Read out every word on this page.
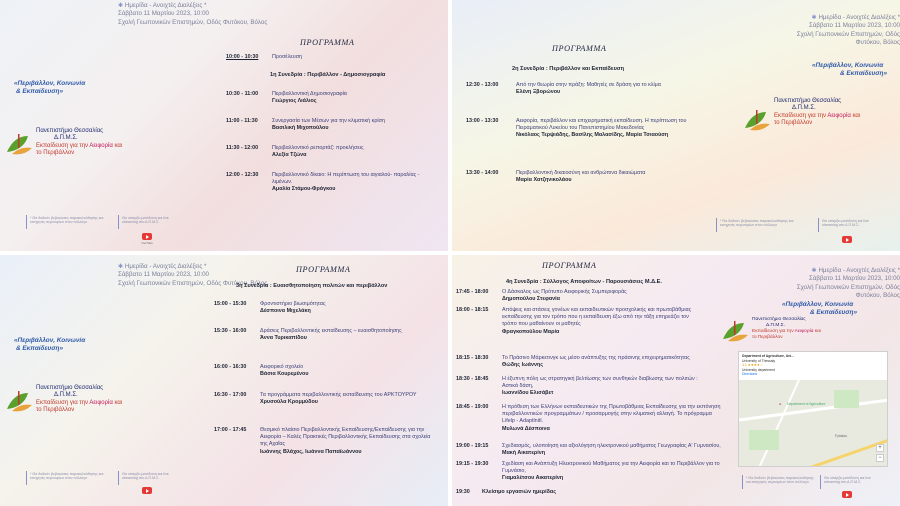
✱ Ημερίδα - Ανοιχτές Διαλέξεις *
Σάββατο 11 Μαρτίου 2023, 10:00
Σχολή Γεωπονικών Επιστημών, Οδός Φυτόκου, Βόλος
ΠΡΟΓΡΑΜΜΑ
«Περιβάλλον, Κοινωνία
& Εκπαίδευση»
Πανεπιστήμιο Θεσσαλίας
Δ.Π.Μ.Σ.
Εκπαίδευση για την Αειφορία και
το Περιβάλλον
* Θα δοθούν βεβαιώσεις παρακολούθησης και εισηγητές σεμιναρίων στον σύλλογο
Θα υπάρξει μετάδοση και live streaming στο Δ.Π.Μ.Σ.
YouTube
10:00 - 10:30	Προσέλευση
1η Συνεδρία : Περιβάλλον - Δημοσιογραφία
10:30 - 11:00	Περιβαλλοντική Δημοσιογραφία
Γεώργιος Λιάλιος
11:00 - 11:30	Συνεργασία των Μέσων για την κλιματική κρίση
Βασιλική Μιχοπούλου
11:30 - 12:00	Περιβαλλοντικό ρεπορτάζ: προκλήσεις
Αλεξία Τζώνα
12:00 - 12:30	Περιβαλλοντικό δίκαιο: Η περίπτωση του αιγιαλού- παραλίας - λιμένων.
Αμαλία Στάμου-Φράγκου
✱ Ημερίδα - Ανοιχτές Διαλέξεις *
Σάββατο 11 Μαρτίου 2023, 10:00
Σχολή Γεωπονικών Επιστημών, Οδός Φυτόκου, Βόλος
ΠΡΟΓΡΑΜΜΑ
2η Συνεδρία : Περιβάλλον και Εκπαίδευση	«Περιβάλλον, Κοινωνία
& Εκπαίδευση»
Πανεπιστήμιο Θεσσαλίας
Δ.Π.Μ.Σ.
Εκπαίδευση για την Αειφορία και
το Περιβάλλον
12:30 - 13:00	Από την θεωρία στην πράξη: Μαθητές σε δράση για το κλίμα
Ελένη Ξβορώνου
13:00 - 13:30	Αειφορία, περιβάλλον και επιχειρηματική εκπαίδευση. Η περίπτωση του Πειραματικού Λυκείου του Πανεπιστημίου Μακεδονίας
Νικόλαος Τερψιάδης, Βασίλης Μαλασίδης, Μαρία Τσιαούση
13:30 - 14:00	Περιβαλλοντική δικαιοσύνη και ανθρώπινα δικαιώματα
Μαρία Χατζηνικολάου
* Θα δοθούν βεβαιώσεις παρακολούθησης και εισηγητές σεμιναρίων στον σύλλογο
Θα υπάρξει μετάδοση και live streaming στο Δ.Π.Μ.Σ.
✱ Ημερίδα - Ανοιχτές Διαλέξεις *
Σάββατο 11 Μαρτίου 2023, 10:00
Σχολή Γεωπονικών Επιστημών, Οδός Φυτόκου, Βόλος
ΠΡΟΓΡΑΜΜΑ
3η Συνεδρία : Ευαισθητοποίηση πολιτών και περιβάλλον
«Περιβάλλον, Κοινωνία
& Εκπαίδευση»
Πανεπιστήμιο Θεσσαλίας
Δ.Π.Μ.Σ.
Εκπαίδευση για την Αειφορία και
το Περιβάλλον
15:00 - 15:30	Φροντιστήριο βιωσιμότητας
Δέσποινα Μιχελάκη
15:30 - 16:00	Δράσεις Περιβαλλοντικής εκπαίδευσης – ευαισθητοποίησης
Άννα Τυρικαπίδου
16:00 - 16:30	Αειφορικό σχολείο
Βάσια Κουρεμένου
16:30 - 17:00	Τα προγράμματα περιβαλλοντικής εκπαίδευσης του ΑΡΚΤΟΥΡΟΥ
Χρυσούλα Κρομμύδου
17:00 - 17:45	Θεσμικό πλαίσιο Περιβαλλοντικής Εκπαίδευσης/Εκπαίδευσης για την Αειφορία – Καλές Πρακτικές Περιβαλλοντικής Εκπαίδευσης στα σχολεία της Αχαΐας
Ιωάννης Βλάχος, Ιωάννα Παπαϊωάννου
* Θα δοθούν βεβαιώσεις παρακολούθησης και εισηγητές σεμιναρίων στον σύλλογο
Θα υπάρξει μετάδοση και live streaming στο Δ.Π.Μ.Σ.
ΠΡΟΓΡΑΜΜΑ
✱ Ημερίδα - Ανοιχτές Διαλέξεις *
Σάββατο 11 Μαρτίου 2023, 10:00
Σχολή Γεωπονικών Επιστημών, Οδός Φυτόκου, Βόλος
4η Συνεδρία : Σύλλογος Αποφοίτων - Παρουσιάσεις Μ.Δ.Ε.
«Περιβάλλον, Κοινωνία
& Εκπαίδευση»
Πανεπιστήμιο Θεσσαλίας
Δ.Π.Μ.Σ.
Εκπαίδευση για την Αειφορία και
το Περιβάλλον
Department of Agriculture, Uni...
University of Thessaly
4.1 ★★★★☆
University department
Directions
● Department of Agriculture
Fytokou
+
−
17:45 - 18:00	Ο Δάσκαλος ως Πρότυπο Αειφορικής Συμπεριφοράς
Δημοπούλου Στεφανία
18:00 - 18:15	Απόψεις και στάσεις γονέων και εκπαιδευτικών προσχολικής και πρωτοβάθμιας εκπαίδευσης για τον τρόπο που η εκπαίδευση έξω από την τάξη επηρεάζει τον τρόπο που μαθαίνουν οι μαθητές
Φραγκοπούλου Μαρία
18:15 - 18:30	Το Πράσινο Μάρκετινγκ ως μέσο ανάπτυξης της πράσινης επιχειρηματικότητας
Θώδης Ιωάννης
18:30 - 18:45	Η έξυπνη πόλη ως στρατηγική βελτίωσης των συνθηκών διαβίωσης των πολιτών : Αστικά δάση,
Ιωαννίδου Ελισάβετ
18:45 - 19:00	Η πρόθεση των Ελλήνων εκπαιδευτικών της Πρωτοβάθμιας Εκπαίδευσης για την εκπόνηση περιβαλλοντικών προγραμμάτων / προσαρμογής στην κλιματική αλλαγή. Το πρόγραμμα Lifelp - Adaptlnitl.
Μυλωνά Δέσποινα
19:00 - 19:15	Σχεδιασμός, υλοποίηση και αξιολόγηση ηλεκτρονικού μαθήματος Γεωγραφίας Α' Γυμνασίου,
Μακή Αικατερίνη
19:15 - 19:30	Σχεδίαση και Ανάπτυξη Ηλεκτρονικού Μαθήματος για την Αειφορία και το Περιβάλλον για το Γυμνάσιο,
Γιαμαλέτσου Αικατερίνη
19:30 Κλείσιμο εργασιών ημερίδας
* Θα δοθούν βεβαιώσεις παρακολούθησης και εισηγητές σεμιναρίων στον σύλλογο
Θα υπάρξει μετάδοση και live streaming στο Δ.Π.Μ.Σ.
